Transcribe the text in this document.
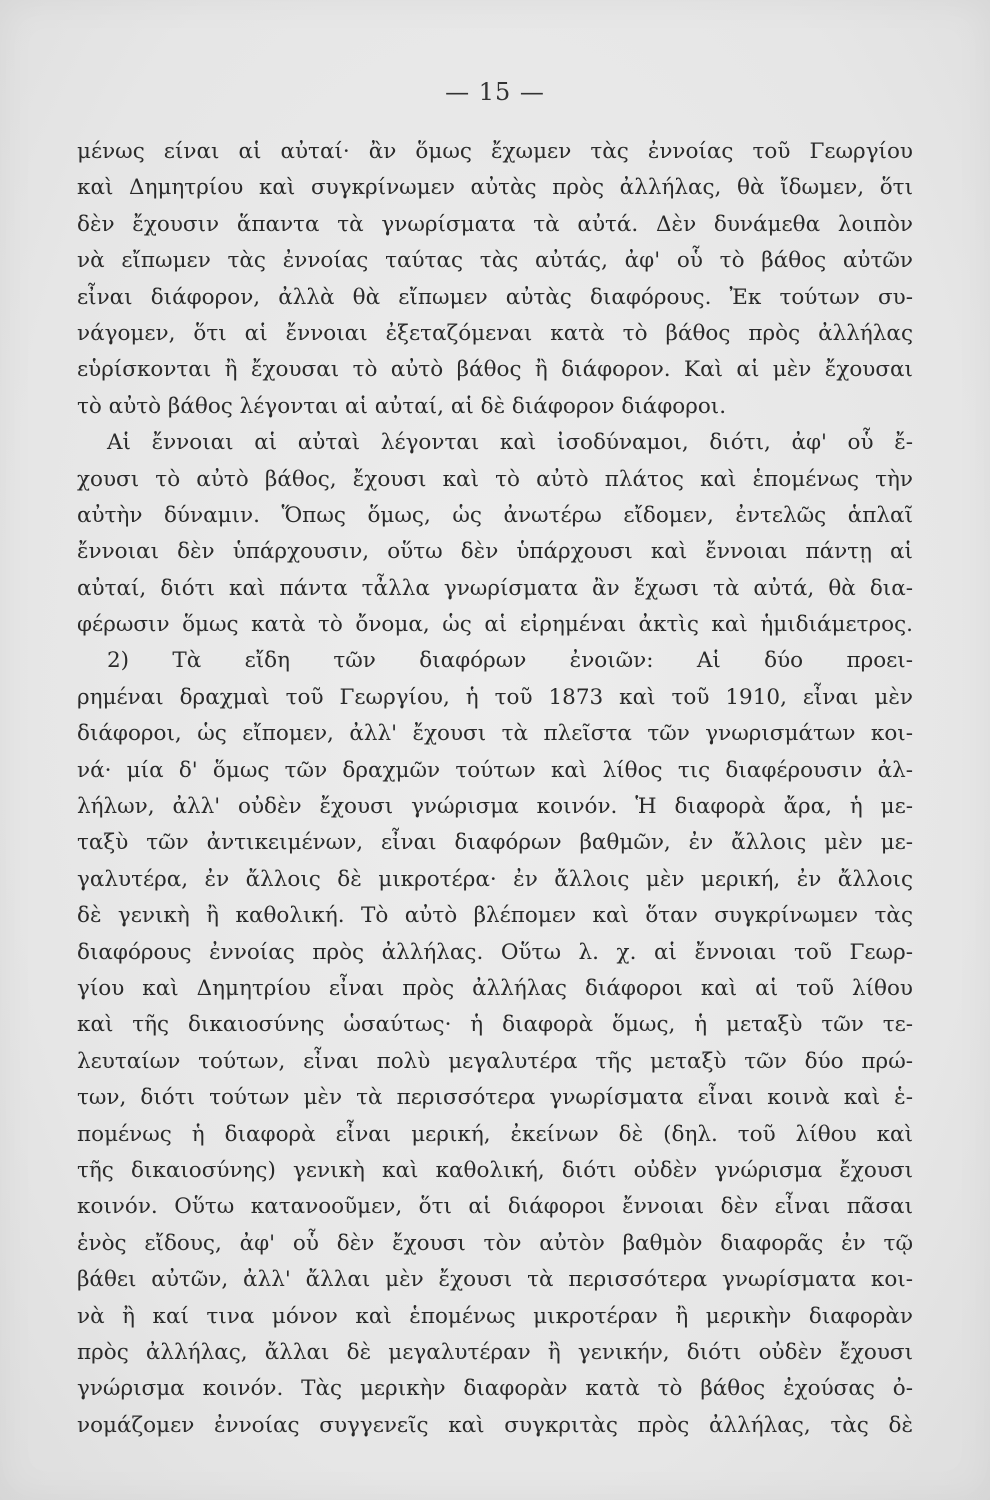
— 15 —
μένως είναι αἱ αὐταί· ἂν ὅμως ἔχωμεν τὰς ἐννοίας τοῦ Γεωργίου
καὶ Δημητρίου καὶ συγκρίνωμεν αὐτὰς πρὸς ἀλλήλας, θὰ ἴδωμεν, ὅτι
δὲν ἔχουσιν ἅπαντα τὰ γνωρίσματα τὰ αὐτά. Δὲν δυνάμεθα λοιπὸν
νὰ εἴπωμεν τὰς ἐννοίας ταύτας τὰς αὐτάς, ἀφ' οὗ τὸ βάθος αὐτῶν
εἶναι διάφορον, ἀλλὰ θὰ εἴπωμεν αὐτὰς διαφόρους. Ἐκ τούτων συ-
νάγομεν, ὅτι αἱ ἔννοιαι ἐξεταζόμεναι κατὰ τὸ βάθος πρὸς ἀλλήλας
εὑρίσκονται ἢ ἔχουσαι τὸ αὐτὸ βάθος ἢ διάφορον. Καὶ αἱ μὲν ἔχουσαι
τὸ αὐτὸ βάθος λέγονται αἱ αὐταί, αἱ δὲ διάφορον διάφοροι.
Αἱ ἔννοιαι αἱ αὐταὶ λέγονται καὶ ἰσοδύναμοι, διότι, ἀφ' οὗ ἔ-
χουσι τὸ αὐτὸ βάθος, ἔχουσι καὶ τὸ αὐτὸ πλάτος καὶ ἑπομένως τὴν
αὐτὴν δύναμιν. Ὅπως ὅμως, ὡς ἀνωτέρω εἴδομεν, ἐντελῶς ἁπλαῖ
ἔννοιαι δὲν ὑπάρχουσιν, οὕτω δὲν ὑπάρχουσι καὶ ἔννοιαι πάντῃ αἱ
αὐταί, διότι καὶ πάντα τἆλλα γνωρίσματα ἂν ἔχωσι τὰ αὐτά, θὰ δια-
φέρωσιν ὅμως κατὰ τὸ ὄνομα, ὡς αἱ εἰρημέναι ἀκτὶς καὶ ἡμιδιάμετρος.
2) Τὰ εἴδη τῶν διαφόρων ἐνοιῶν: Αἱ δύο προει-
ρημέναι δραχμαὶ τοῦ Γεωργίου, ἡ τοῦ 1873 καὶ τοῦ 1910, εἶναι μὲν
διάφοροι, ὡς εἴπομεν, ἀλλ' ἔχουσι τὰ πλεῖστα τῶν γνωρισμάτων κοι-
νά· μία δ' ὅμως τῶν δραχμῶν τούτων καὶ λίθος τις διαφέρουσιν ἀλ-
λήλων, ἀλλ' οὐδὲν ἔχουσι γνώρισμα κοινόν. Ἡ διαφορὰ ἄρα, ἡ με-
ταξὺ τῶν ἀντικειμένων, εἶναι διαφόρων βαθμῶν, ἐν ἄλλοις μὲν με-
γαλυτέρα, ἐν ἄλλοις δὲ μικροτέρα· ἐν ἄλλοις μὲν μερική, ἐν ἄλλοις
δὲ γενικὴ ἢ καθολική. Τὸ αὐτὸ βλέπομεν καὶ ὅταν συγκρίνωμεν τὰς
διαφόρους ἐννοίας πρὸς ἀλλήλας. Οὕτω λ. χ. αἱ ἔννοιαι τοῦ Γεωρ-
γίου καὶ Δημητρίου εἶναι πρὸς ἀλλήλας διάφοροι καὶ αἱ τοῦ λίθου
καὶ τῆς δικαιοσύνης ὡσαύτως· ἡ διαφορὰ ὅμως, ἡ μεταξὺ τῶν τε-
λευταίων τούτων, εἶναι πολὺ μεγαλυτέρα τῆς μεταξὺ τῶν δύο πρώ-
των, διότι τούτων μὲν τὰ περισσότερα γνωρίσματα εἶναι κοινὰ καὶ ἑ-
πομένως ἡ διαφορὰ εἶναι μερική, ἐκείνων δὲ (δηλ. τοῦ λίθου καὶ
τῆς δικαιοσύνης) γενικὴ καὶ καθολική, διότι οὐδὲν γνώρισμα ἔχουσι
κοινόν. Οὕτω κατανοοῦμεν, ὅτι αἱ διάφοροι ἔννοιαι δὲν εἶναι πᾶσαι
ἑνὸς εἴδους, ἀφ' οὗ δὲν ἔχουσι τὸν αὐτὸν βαθμὸν διαφορᾶς ἐν τῷ
βάθει αὐτῶν, ἀλλ' ἄλλαι μὲν ἔχουσι τὰ περισσότερα γνωρίσματα κοι-
νὰ ἢ καί τινα μόνον καὶ ἑπομένως μικροτέραν ἢ μερικὴν διαφορὰν
πρὸς ἀλλήλας, ἄλλαι δὲ μεγαλυτέραν ἢ γενικήν, διότι οὐδὲν ἔχουσι
γνώρισμα κοινόν. Τὰς μερικὴν διαφορὰν κατὰ τὸ βάθος ἐχούσας ὀ-
νομάζομεν ἐννοίας συγγενεῖς καὶ συγκριτὰς πρὸς ἀλλήλας, τὰς δὲ
